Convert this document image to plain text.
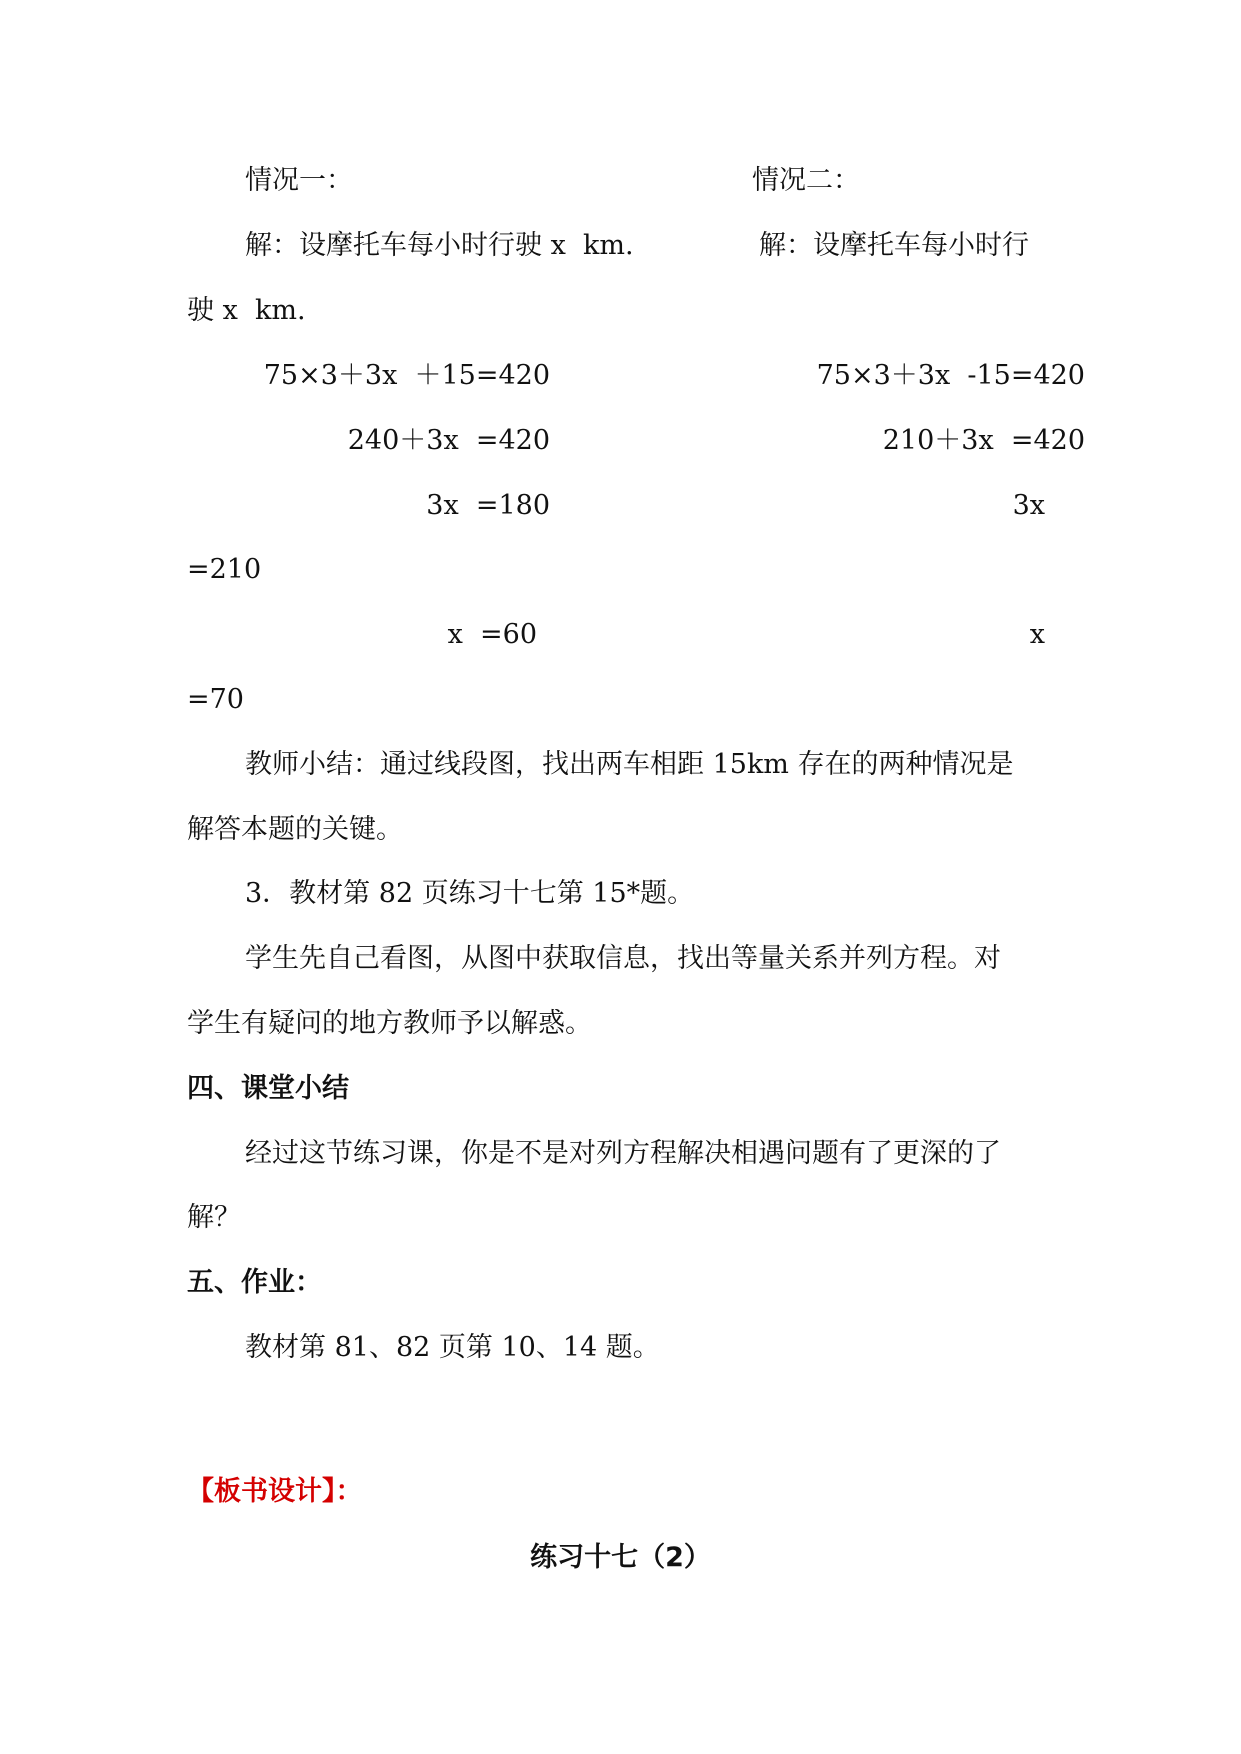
情况一：	情况二：
解：设摩托车每小时行驶 x  km.	解：设摩托车每小时行
驶 x  km.
75×3＋3x  ＋15=420
240＋3x  =420
3x  =180
x  =60
75×3＋3x  -15=420
210＋3x  =420
3x
=210
x
=70
教师小结：通过线段图，找出两车相距 15km 存在的两种情况是
解答本题的关键。
3．教材第 82 页练习十七第 15*题。
学生先自己看图，从图中获取信息，找出等量关系并列方程。对
学生有疑问的地方教师予以解惑。
四、课堂小结
经过这节练习课，你是不是对列方程解决相遇问题有了更深的了
解？
五、作业：
教材第 81、82 页第 10、14 题。
【板书设计】：
练习十七（2）
